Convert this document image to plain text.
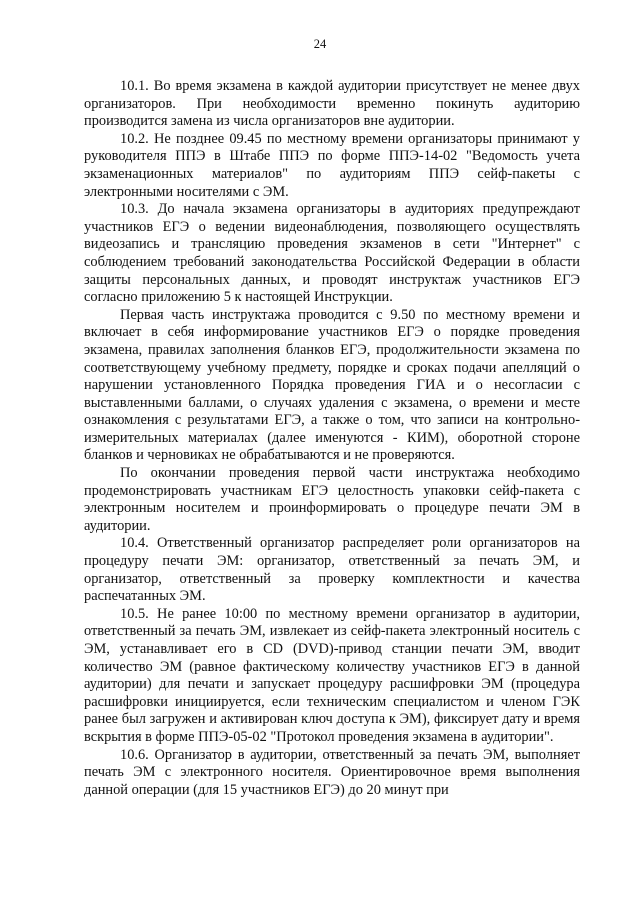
24

10.1. Во время экзамена в каждой аудитории присутствует не менее двух организаторов. При необходимости временно покинуть аудиторию производится замена из числа организаторов вне аудитории.

10.2. Не позднее 09.45 по местному времени организаторы принимают у руководителя ППЭ в Штабе ППЭ по форме ППЭ-14-02 "Ведомость учета экзаменационных материалов" по аудиториям ППЭ сейф-пакеты с электронными носителями с ЭМ.

10.3. До начала экзамена организаторы в аудиториях предупреждают участников ЕГЭ о ведении видеонаблюдения, позволяющего осуществлять видеозапись и трансляцию проведения экзаменов в сети "Интернет" с соблюдением требований законодательства Российской Федерации в области защиты персональных данных, и проводят инструктаж участников ЕГЭ согласно приложению 5 к настоящей Инструкции.

Первая часть инструктажа проводится с 9.50 по местному времени и включает в себя информирование участников ЕГЭ о порядке проведения экзамена, правилах заполнения бланков ЕГЭ, продолжительности экзамена по соответствующему учебному предмету, порядке и сроках подачи апелляций о нарушении установленного Порядка проведения ГИА и о несогласии с выставленными баллами, о случаях удаления с экзамена, о времени и месте ознакомления с результатами ЕГЭ, а также о том, что записи на контрольно-измерительных материалах (далее именуются - КИМ), оборотной стороне бланков и черновиках не обрабатываются и не проверяются.

По окончании проведения первой части инструктажа необходимо продемонстрировать участникам ЕГЭ целостность упаковки сейф-пакета с электронным носителем и проинформировать о процедуре печати ЭМ в аудитории.

10.4. Ответственный организатор распределяет роли организаторов на процедуру печати ЭМ: организатор, ответственный за печать ЭМ, и организатор, ответственный за проверку комплектности и качества распечатанных ЭМ.

10.5. Не ранее 10:00 по местному времени организатор в аудитории, ответственный за печать ЭМ, извлекает из сейф-пакета электронный носитель с ЭМ, устанавливает его в CD (DVD)-привод станции печати ЭМ, вводит количество ЭМ (равное фактическому количеству участников ЕГЭ в данной аудитории) для печати и запускает процедуру расшифровки ЭМ (процедура расшифровки инициируется, если техническим специалистом и членом ГЭК ранее был загружен и активирован ключ доступа к ЭМ), фиксирует дату и время вскрытия в форме ППЭ-05-02 "Протокол проведения экзамена в аудитории".

10.6. Организатор в аудитории, ответственный за печать ЭМ, выполняет печать ЭМ с электронного носителя. Ориентировочное время выполнения данной операции (для 15 участников ЕГЭ) до 20 минут при
